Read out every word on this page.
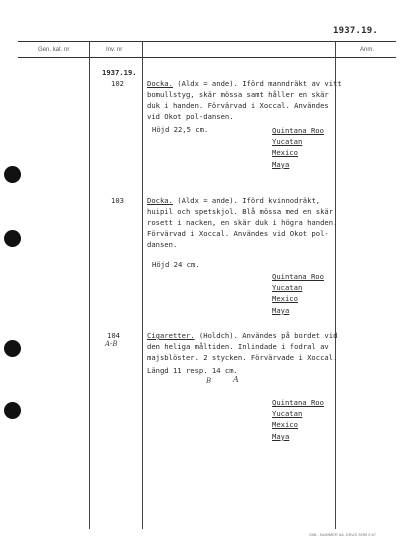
1937.19.
Gen. kat. nr	Inv. nr	Anm.
1937.19.
102	Docka. (Aldx = ande). Iförd manndräkt av vitt
bomullstyg, skär mössa samt håller en skär
duk i handen. Förvärvad i Xoccal. Användes
vid Okot pol-dansen.
Höjd 22,5 cm.	Quintana Roo
Yucatan
Mexico
Maya
103	Docka. (Aldx = ande). Iförd kvinnodräkt,
huipil och spetskjol. Blå mössa med en skär
rosett i nacken, en skär duk i högra handen.
Förvärvad i Xoccal. Användes vid Okot pol-
dansen.
Höjd 24 cm.
Quintana Roo
Yucatan
Mexico
Maya
104
A-B
Cigaretter. (Holdch). Användes på bordet vid
den heliga måltiden. Inlindade i fodral av
majsblöster. 2 stycken. Förvärvade i Xoccal.
Längd 11 resp. 14 cm.
B	A
Quintana Roo
Yucatan
Mexico
Maya
GML. NUMMER 6A. KRUS 3399 9 67
